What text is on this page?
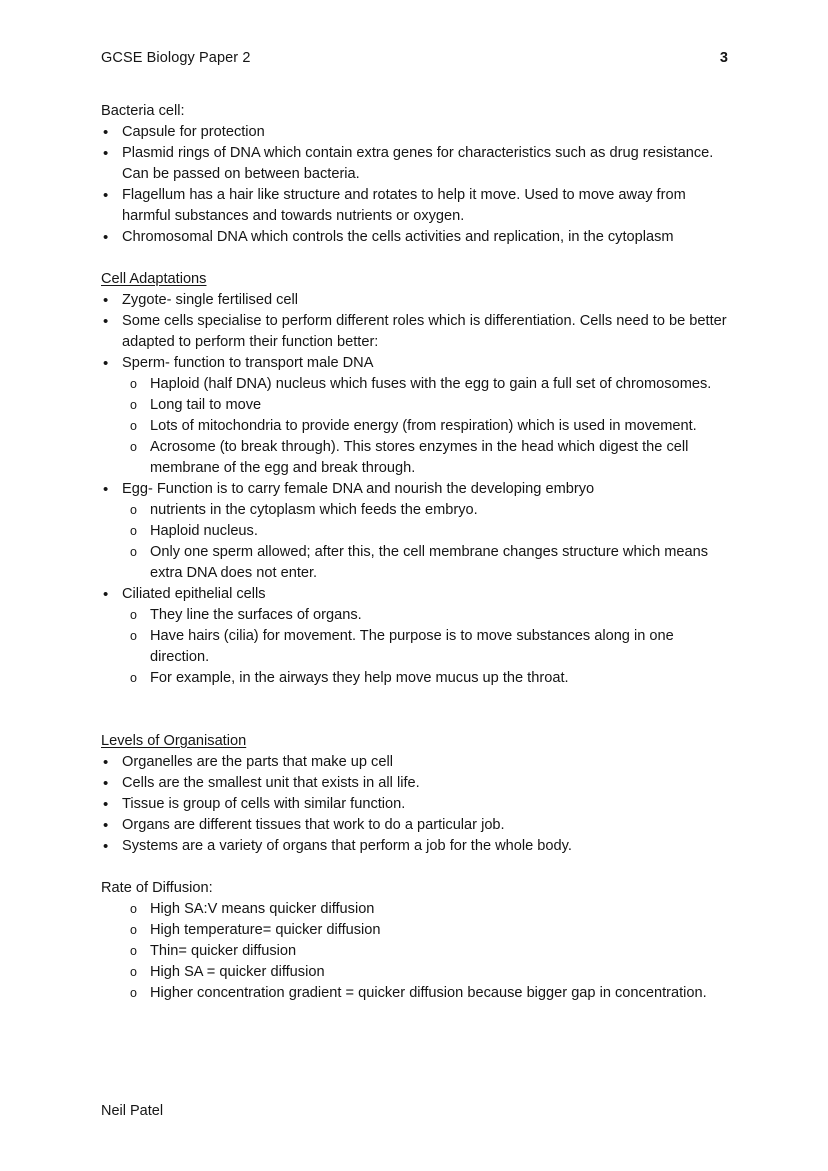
GCSE Biology Paper 2	3
Bacteria cell:
• Capsule for protection
• Plasmid rings of DNA which contain extra genes for characteristics such as drug resistance. Can be passed on between bacteria.
• Flagellum has a hair like structure and rotates to help it move. Used to move away from harmful substances and towards nutrients or oxygen.
• Chromosomal DNA which controls the cells activities and replication, in the cytoplasm
Cell Adaptations
• Zygote- single fertilised cell
• Some cells specialise to perform different roles which is differentiation. Cells need to be better adapted to perform their function better:
• Sperm- function to transport male DNA
o Haploid (half DNA) nucleus which fuses with the egg to gain a full set of chromosomes.
o Long tail to move
o Lots of mitochondria to provide energy (from respiration) which is used in movement.
o Acrosome (to break through). This stores enzymes in the head which digest the cell membrane of the egg and break through.
• Egg- Function is to carry female DNA and nourish the developing embryo
o nutrients in the cytoplasm which feeds the embryo.
o Haploid nucleus.
o Only one sperm allowed; after this, the cell membrane changes structure which means extra DNA does not enter.
• Ciliated epithelial cells
o They line the surfaces of organs.
o Have hairs (cilia) for movement. The purpose is to move substances along in one direction.
o For example, in the airways they help move mucus up the throat.
Levels of Organisation
• Organelles are the parts that make up cell
• Cells are the smallest unit that exists in all life.
• Tissue is group of cells with similar function.
• Organs are different tissues that work to do a particular job.
• Systems are a variety of organs that perform a job for the whole body.
Rate of Diffusion:
o High SA:V means quicker diffusion
o High temperature= quicker diffusion
o Thin= quicker diffusion
o High SA = quicker diffusion
o Higher concentration gradient = quicker diffusion because bigger gap in concentration.
Neil Patel
